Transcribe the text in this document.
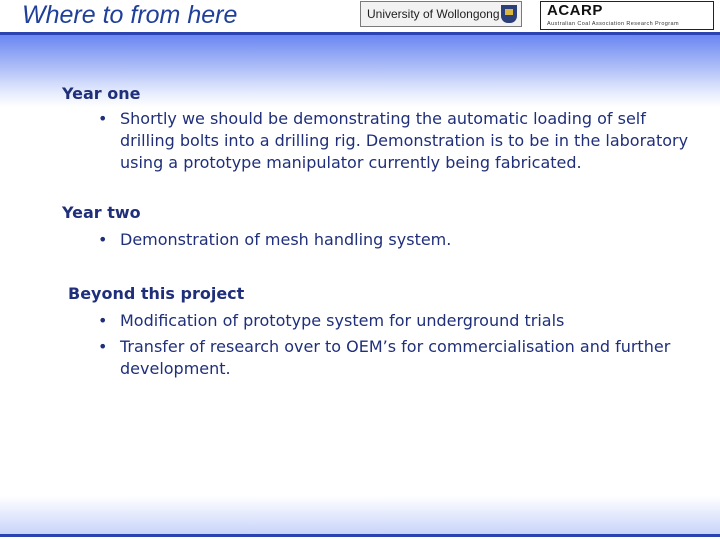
Where to from here	University of Wollongong	ACARP
Australian Coal Association Research Program
Year one
• Shortly we should be demonstrating the automatic loading of self drilling bolts into a drilling rig. Demonstration is to be in the laboratory using a prototype manipulator currently being fabricated.
Year two
• Demonstration of mesh handling system.
Beyond this project
• Modification of prototype system for underground trials
• Transfer of research over to OEM’s for commercialisation and further development.
